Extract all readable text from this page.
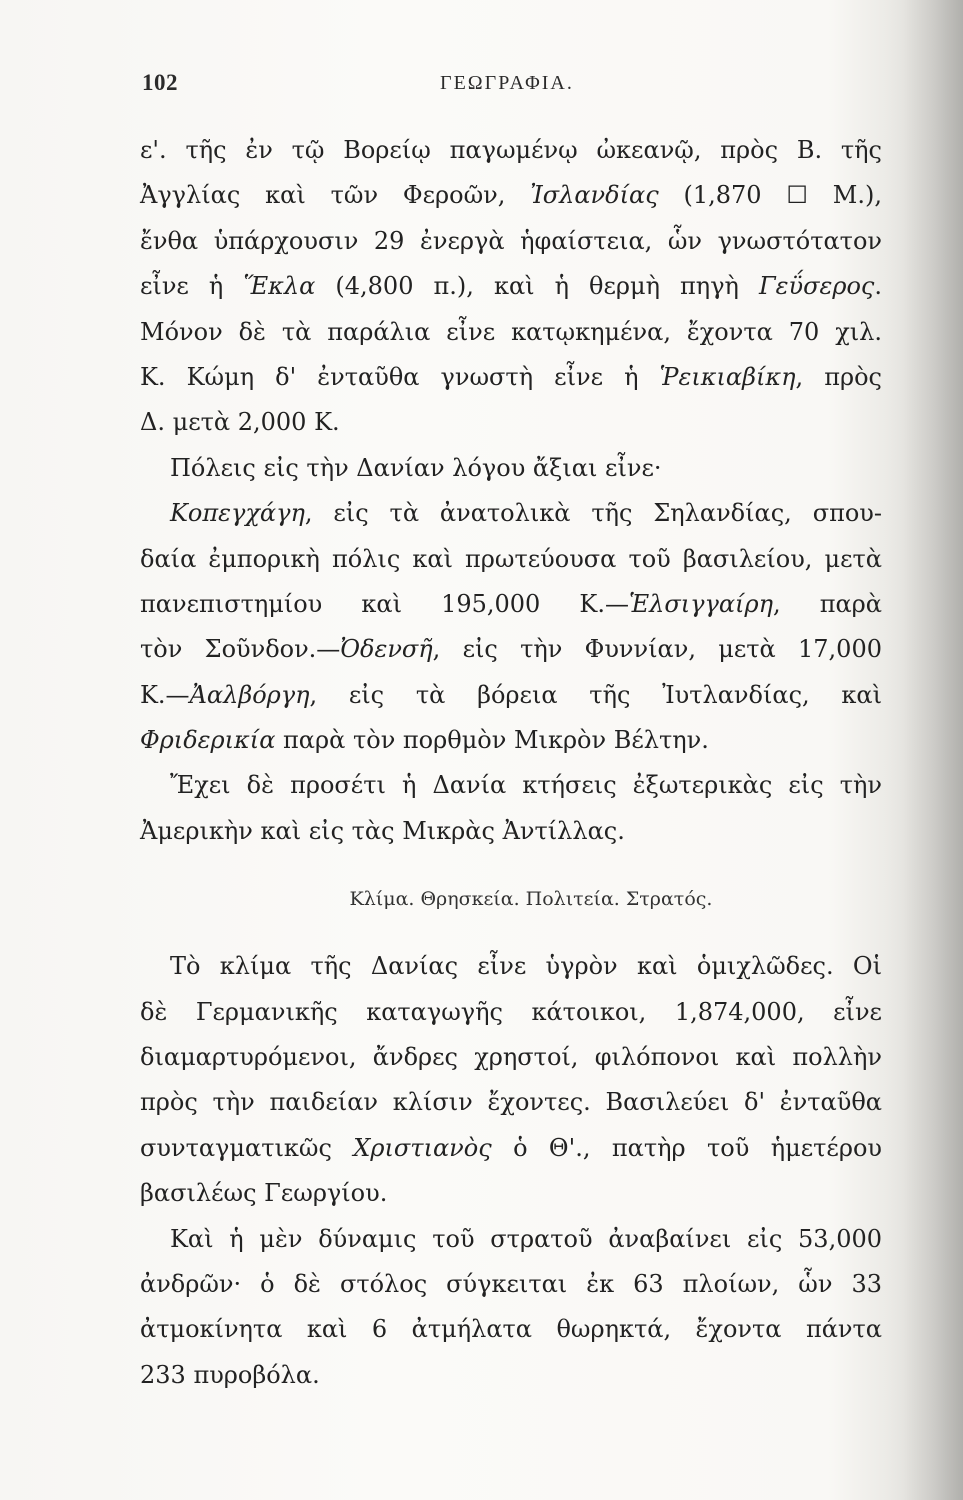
102	ΓΕΩΓΡΑΦΙΑ.
ε'. τῆς ἐν τῷ Βορείῳ παγωμένῳ ὠκεανῷ, πρὸς Β. τῆς
Ἀγγλίας καὶ τῶν Φεροῶν, Ἰσλανδίας (1,870 ☐ M.),
ἔνθα ὑπάρχουσιν 29 ἐνεργὰ ἡφαίστεια, ὧν γνωστότατον
εἶνε ἡ Ἕκλα (4,800 π.), καὶ ἡ θερμὴ πηγὴ Γεΰσερος.
Μόνον δὲ τὰ παράλια εἶνε κατῳκημένα, ἔχοντα 70 χιλ.
Κ. Κώμη δ' ἐνταῦθα γνωστὴ εἶνε ἡ Ῥεικιαβίκη, πρὸς
Δ. μετὰ 2,000 Κ.
Πόλεις εἰς τὴν Δανίαν λόγου ἄξιαι εἶνε·
Κοπεγχάγη, εἰς τὰ ἀνατολικὰ τῆς Σηλανδίας, σπου-
δαία ἐμπορικὴ πόλις καὶ πρωτεύουσα τοῦ βασιλείου, μετὰ
πανεπιστημίου καὶ 195,000 Κ.—Ἑλσιγγαίρη, παρὰ
τὸν Σοῦνδον.—Ὀδενσῆ, εἰς τὴν Φυννίαν, μετὰ 17,000
Κ.—Ἀαλβόργη, εἰς τὰ βόρεια τῆς Ἰυτλανδίας, καὶ
Φριδερικία παρὰ τὸν πορθμὸν Μικρὸν Βέλτην.
Ἔχει δὲ προσέτι ἡ Δανία κτήσεις ἐξωτερικὰς εἰς τὴν
Ἀμερικὴν καὶ εἰς τὰς Μικρὰς Ἀντίλλας.
Κλίμα. Θρησκεία. Πολιτεία. Στρατός.
Τὸ κλίμα τῆς Δανίας εἶνε ὑγρὸν καὶ ὁμιχλῶδες. Οἱ
δὲ Γερμανικῆς καταγωγῆς κάτοικοι, 1,874,000, εἶνε
διαμαρτυρόμενοι, ἄνδρες χρηστοί, φιλόπονοι καὶ πολλὴν
πρὸς τὴν παιδείαν κλίσιν ἔχοντες. Βασιλεύει δ' ἐνταῦθα
συνταγματικῶς Χριστιανὸς ὁ Θ'., πατὴρ τοῦ ἡμετέρου
βασιλέως Γεωργίου.
Καὶ ἡ μὲν δύναμις τοῦ στρατοῦ ἀναβαίνει εἰς 53,000
ἀνδρῶν· ὁ δὲ στόλος σύγκειται ἐκ 63 πλοίων, ὧν 33
ἀτμοκίνητα καὶ 6 ἀτμήλατα θωρηκτά, ἔχοντα πάντα
233 πυροβόλα.
